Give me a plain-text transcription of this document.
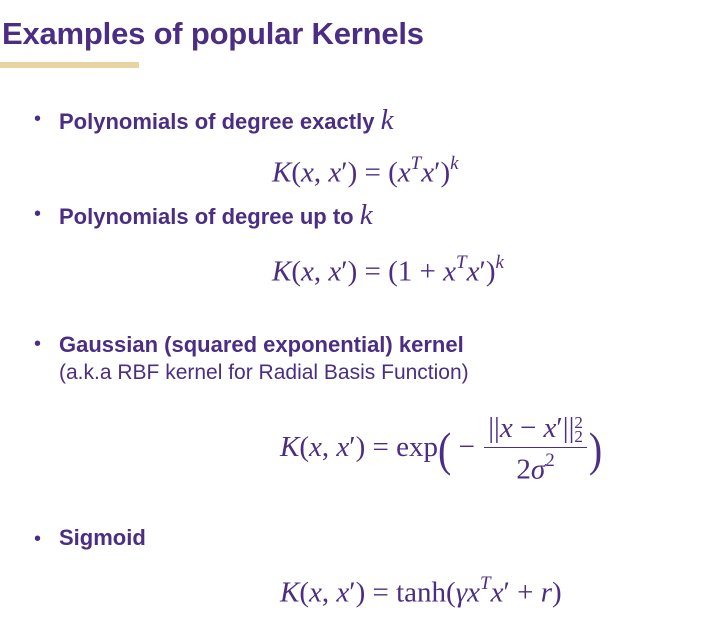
Examples of popular Kernels
• Polynomials of degree exactly k
K(x, $x') = (x^Tx')^k$
• Polynomials of degree up to k
K(x, $x') = (1 + x^Tx')^k$
• Gaussian (squared exponential) kernel
(a.k.a RBF kernel for Radial Basis Function)
K(x, x′) = exp( −
||x − x′||2
2
$2\sigma^2$ )
• Sigmoid
K(x, $x') = \tanh(\gamma x^Tx' + r)$
